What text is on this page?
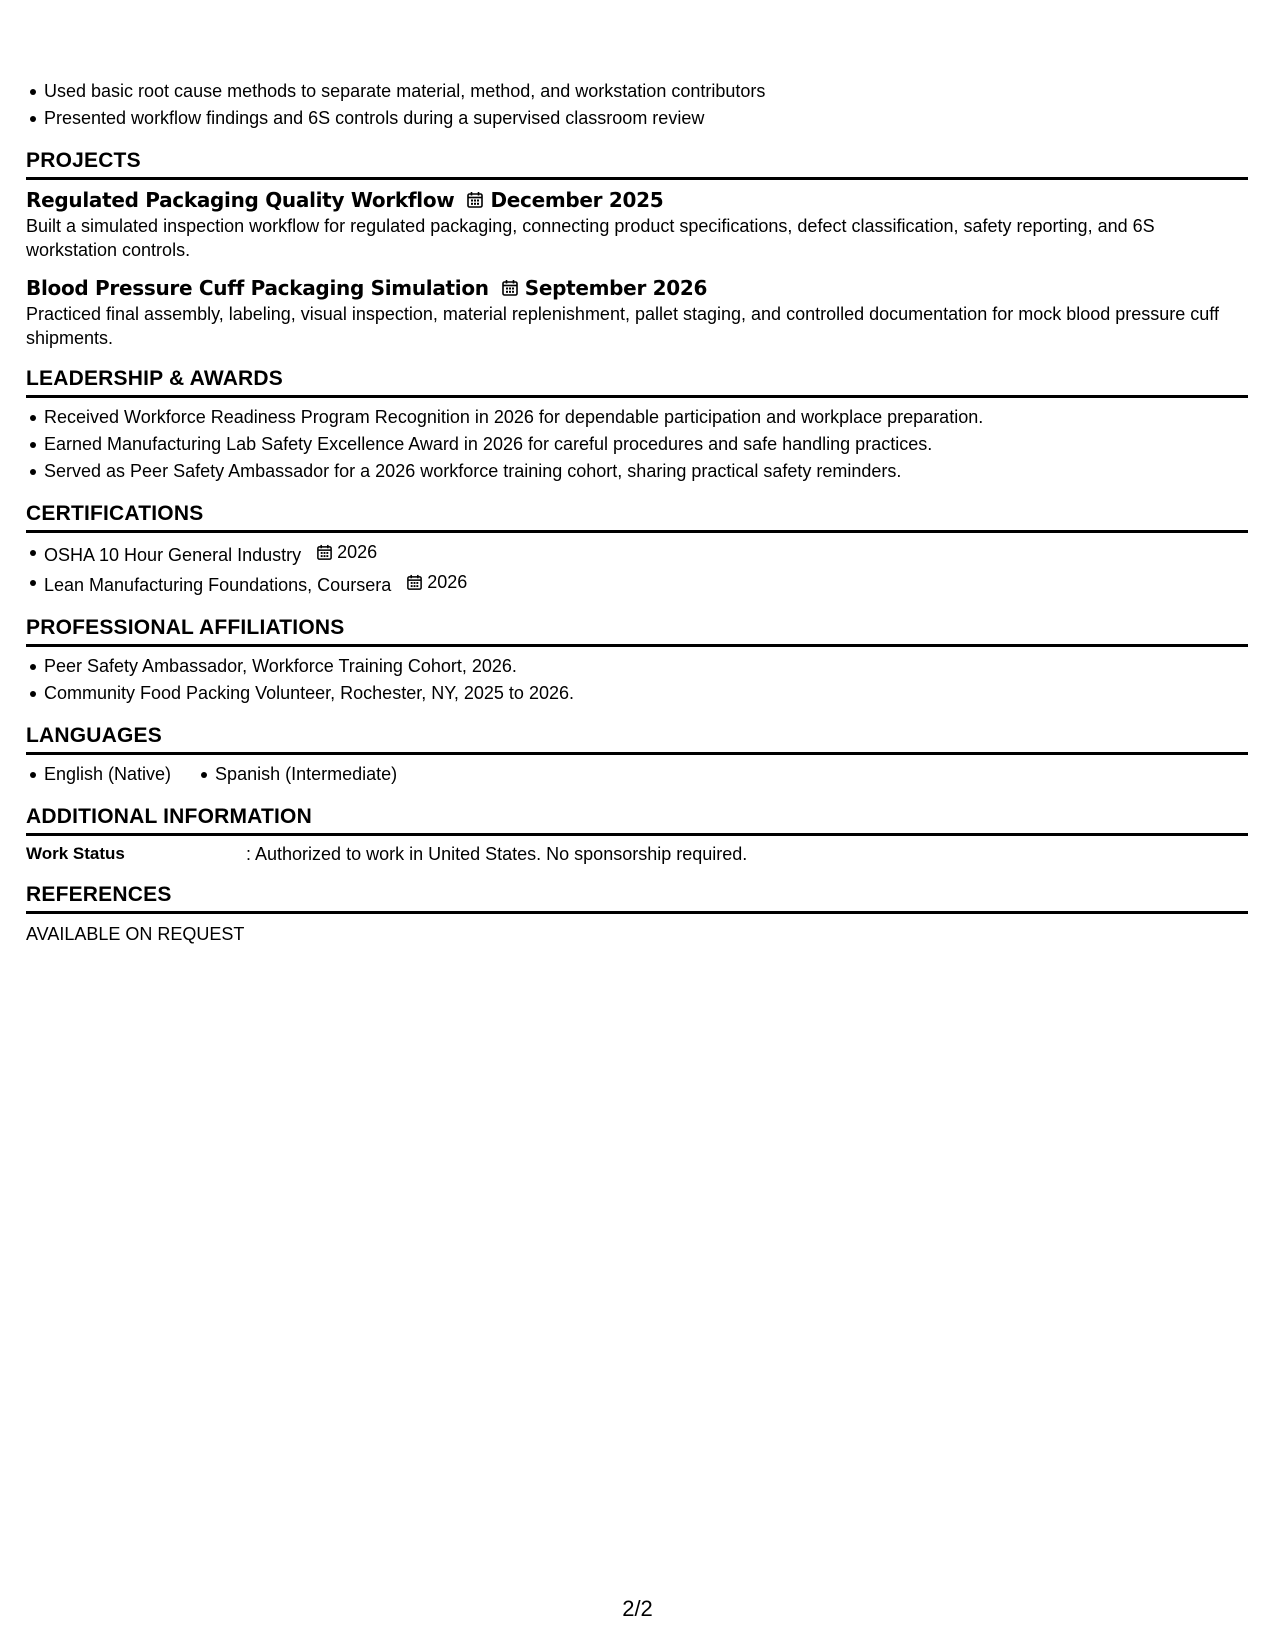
Used basic root cause methods to separate material, method, and workstation contributors
Presented workflow findings and 6S controls during a supervised classroom review
PROJECTS
Regulated Packaging Quality Workflow December 2025
Built a simulated inspection workflow for regulated packaging, connecting product specifications, defect classification, safety reporting, and 6S workstation controls.
Blood Pressure Cuff Packaging Simulation September 2026
Practiced final assembly, labeling, visual inspection, material replenishment, pallet staging, and controlled documentation for mock blood pressure cuff shipments.
LEADERSHIP & AWARDS
Received Workforce Readiness Program Recognition in 2026 for dependable participation and workplace preparation.
Earned Manufacturing Lab Safety Excellence Award in 2026 for careful procedures and safe handling practices.
Served as Peer Safety Ambassador for a 2026 workforce training cohort, sharing practical safety reminders.
CERTIFICATIONS
OSHA 10 Hour General Industry 2026
Lean Manufacturing Foundations, Coursera 2026
PROFESSIONAL AFFILIATIONS
Peer Safety Ambassador, Workforce Training Cohort, 2026.
Community Food Packing Volunteer, Rochester, NY, 2025 to 2026.
LANGUAGES
English (Native) Spanish (Intermediate)
ADDITIONAL INFORMATION
Work Status	: Authorized to work in United States. No sponsorship required.
REFERENCES
AVAILABLE ON REQUEST
2/2
